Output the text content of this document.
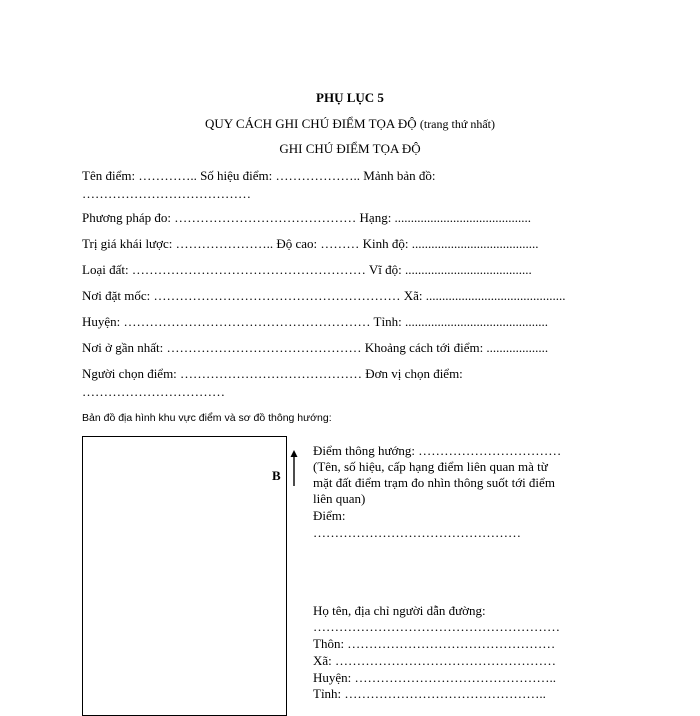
PHỤ LỤC 5
QUY CÁCH GHI CHÚ ĐIỂM TỌA ĐỘ (trang thứ nhất)
GHI CHÚ ĐIỂM TỌA ĐỘ
Tên điểm: ………….. Số hiệu điểm: ……………….. Mảnh bản đồ:
…………………………………
Phương pháp đo: …………………………………… Hạng: ..........................................
Trị giá khái lược: ………………….. Độ cao: ……… Kinh độ: .......................................
Loại đất: ……………………………………………… Vĩ độ: .......................................
Nơi đặt mốc: ………………………………………………… Xã: ...........................................
Huyện: ………………………………………………… Tỉnh: ............................................
Nơi ở gần nhất: ……………………………………… Khoảng cách tới điểm: ...................
Người chọn điểm: …………………………………… Đơn vị chọn điểm:
……………………………
Bản đồ địa hình khu vực điểm và sơ đồ thông hướng:
B
Điểm thông hướng: ……………………………
(Tên, số hiệu, cấp hạng điểm liên quan mà từ
mặt đất điểm trạm đo nhìn thông suốt tới điểm
liên quan)
Điểm:
…………………………………………
Họ tên, địa chỉ người dẫn đường:
…………………………………………………
Thôn: …………………………………………
Xã: ……………………………………………
Huyện: ………………………………………..
Tỉnh: ………………………………………..
